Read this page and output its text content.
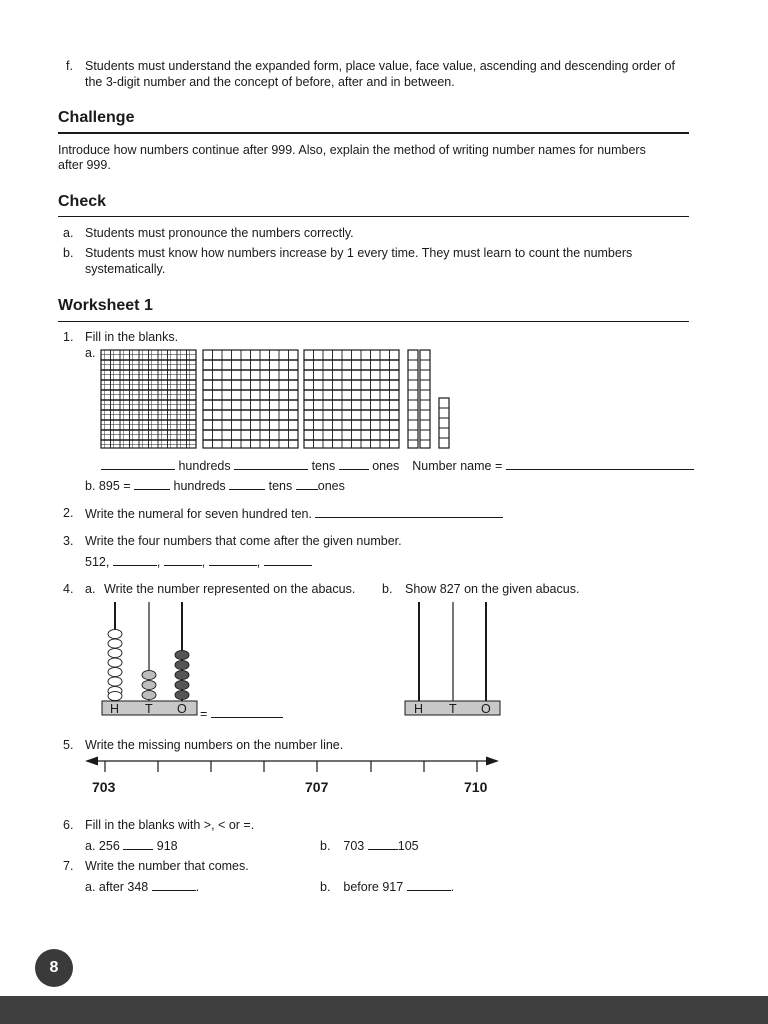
f. Students must understand the expanded form, place value, face value, ascending and descending order of
the 3-digit number and the concept of before, after and in between.
Challenge
Introduce how numbers continue after 999. Also, explain the method of writing number names for numbers
after 999.
Check
a. Students must pronounce the numbers correctly.
b. Students must know how numbers increase by 1 every time. They must learn to count the numbers
systematically.
Worksheet 1
1. Fill in the blanks.
a.
hundreds	tens	ones Number name =
b. 895 =	hundreds	tens ones
2. Write the numeral for seven hundred ten.
3. Write the four numbers that come after the given number.
512,	,	,	,
4. a. Write the number represented on the abacus. b. Show 827 on the given abacus.
H T O =	H T O
5. Write the missing numbers on the number line.
703	707	710
6. Fill in the blanks with >, < or =.
a. 256	918	b. 703	105
7. Write the number that comes.
a. after 348	.	b. before 917	.
8
